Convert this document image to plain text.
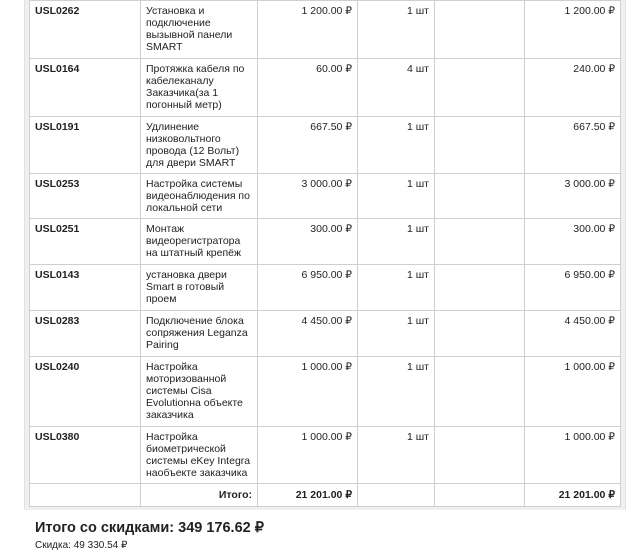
USL0262	Установка и подключение вызывной панели SMART	1 200.00 ₽	1 шт		1 200.00 ₽
USL0164	Протяжка кабеля по кабелеканалу Заказчика(за 1 погонный метр)	60.00 ₽	4 шт		240.00 ₽
USL0191	Удлинение низковольтного провода (12 Вольт) для двери SMART	667.50 ₽	1 шт		667.50 ₽
USL0253	Настройка системы видеонаблюдения по локальной сети	3 000.00 ₽	1 шт		3 000.00 ₽
USL0251	Монтаж видеорегистратора на штатный крепёж	300.00 ₽	1 шт		300.00 ₽
USL0143	установка двери Smart в готовый проем	6 950.00 ₽	1 шт		6 950.00 ₽
USL0283	Подключение блока сопряжения Leganza Pairing	4 450.00 ₽	1 шт		4 450.00 ₽
USL0240	Настройка моторизованной системы Cisa Evolutionна объекте заказчика	1 000.00 ₽	1 шт		1 000.00 ₽
USL0380	Настройка биометрической системы eKey Integra наобъекте заказчика	1 000.00 ₽	1 шт		1 000.00 ₽
	Итого:	21 201.00 ₽			21 201.00 ₽
Итого со скидками: 349 176.62 ₽
Скидка: 49 330.54 ₽
